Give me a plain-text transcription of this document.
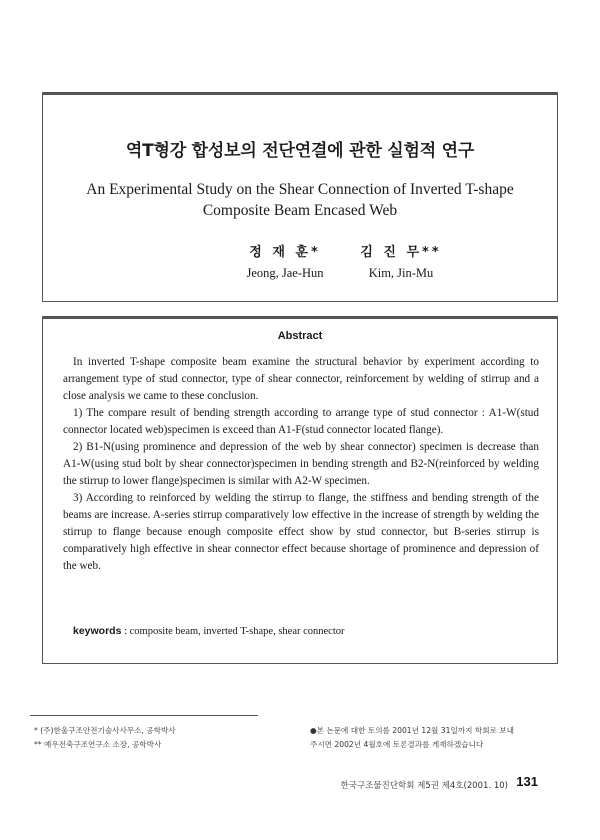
역T형강 합성보의 전단연결에 관한 실험적 연구
An Experimental Study on the Shear Connection of Inverted T-shape
Composite Beam Encased Web
정 재 훈*
Jeong, Jae-Hun
김 진 무**
Kim, Jin-Mu
Abstract

In inverted T-shape composite beam examine the structural behavior by experiment according to arrangement type of stud connector, type of shear connector, reinforcement by welding of stirrup and a close analysis we came to these conclusion.

1) The compare result of bending strength according to arrange type of stud connector : A1-W(stud connector located web)specimen is exceed than A1-F(stud connector located flange).

2) B1-N(using prominence and depression of the web by shear connector) specimen is decrease than A1-W(using stud bolt by shear connector)specimen in bending strength and B2-N(reinforced by welding the stirrup to lower flange)specimen is similar with A2-W specimen.

3) According to reinforced by welding the stirrup to flange, the stiffness and bending strength of the beams are increase. A-series stirrup comparatively low effective in the increase of strength by welding the stirrup to flange because enough composite effect show by stud connector, but B-series stirrup is comparatively high effective in shear connector effect because shortage of prominence and depression of the web.

keywords : composite beam, inverted T-shape, shear connector
* (주)한울구조안전기술사사무소, 공학박사
** 예우전축구조연구소 소장, 공학박사
●본 논문에 대한 토의를 2001년 12월 31일까지 학회로 보내
주시면 2002년 4월호에 토론결과를 게재하겠습니다
한국구조물진단학회 제5권 제4호(2001. 10) 131
